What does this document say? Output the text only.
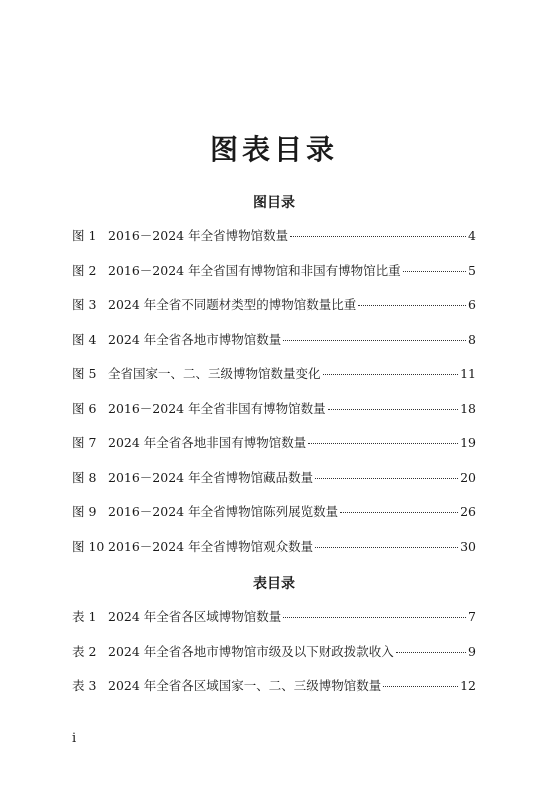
图表目录
图目录
图 1 2016－2024 年全省博物馆数量	4
图 2 2016－2024 年全省国有博物馆和非国有博物馆比重	5
图 3 2024 年全省不同题材类型的博物馆数量比重	6
图 4 2024 年全省各地市博物馆数量	8
图 5 全省国家一、二、三级博物馆数量变化	11
图 6 2016－2024 年全省非国有博物馆数量	18
图 7 2024 年全省各地非国有博物馆数量	19
图 8 2016－2024 年全省博物馆藏品数量	20
图 9 2016－2024 年全省博物馆陈列展览数量	26
图 10 2016－2024 年全省博物馆观众数量	30
表目录
表 1 2024 年全省各区域博物馆数量	7
表 2 2024 年全省各地市博物馆市级及以下财政拨款收入	9
表 3 2024 年全省各区域国家一、二、三级博物馆数量	12
i
